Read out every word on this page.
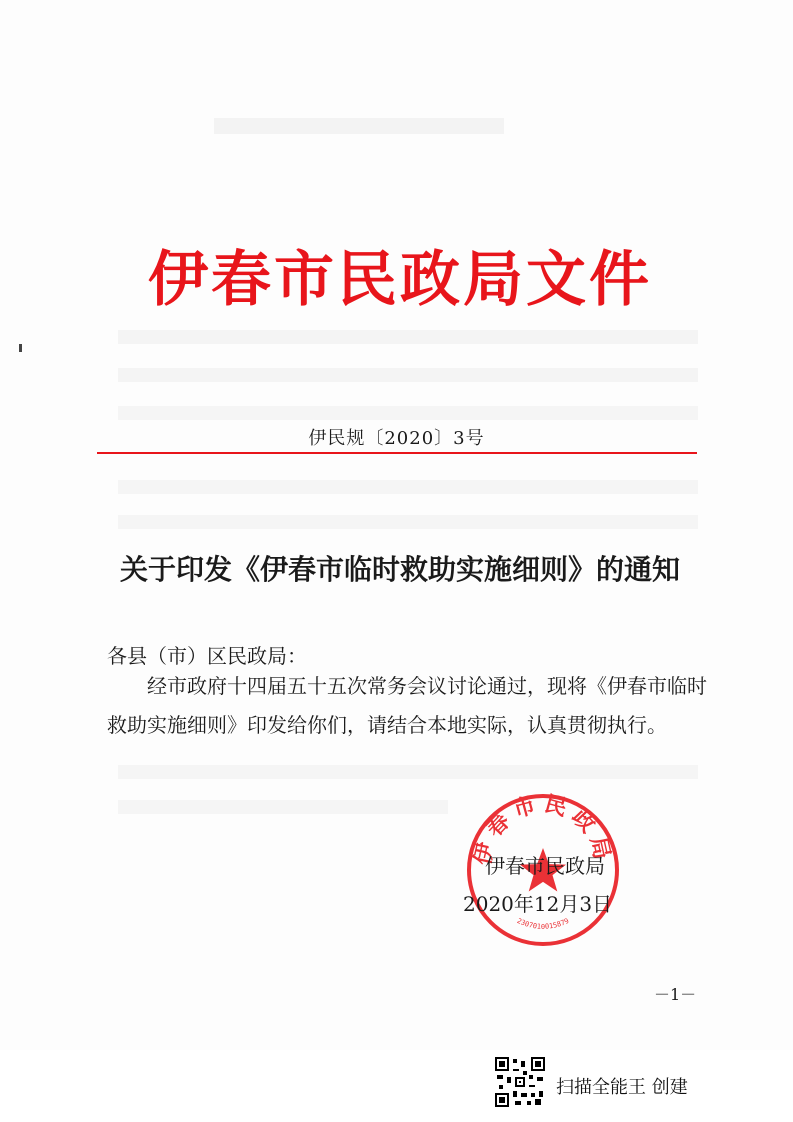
伊春市民政局文件
伊民规〔2020〕3号
关于印发《伊春市临时救助实施细则》的通知
各县（市）区民政局：
经市政府十四届五十五次常务会议讨论通过，现将《伊春市临时救助实施细则》印发给你们，请结合本地实际，认真贯彻执行。
伊春市民政局
2307010015879
伊春市民政局
2020年12月3日
－1－
扫描全能王 创建
